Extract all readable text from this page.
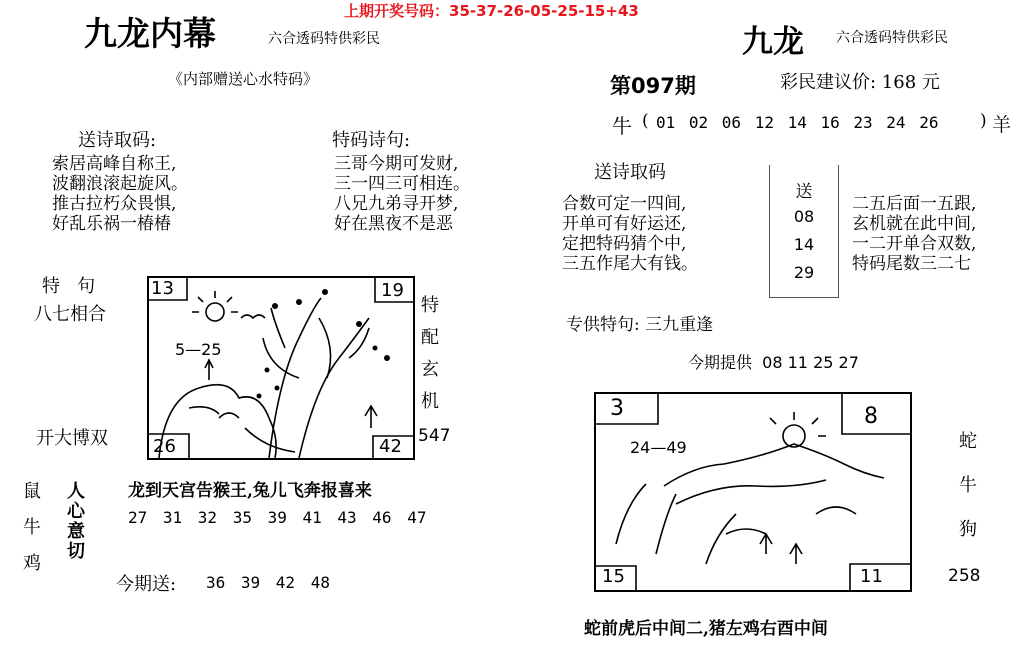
上期开奖号码：35-37-26-05-25-15+43
九龙内幕	六合透码特供彩民
《内部赠送心水特码》
送诗取码:
索居高峰自称王,
波翻浪滚起旋风。
推古拉朽众畏惧,
好乱乐祸一椿椿
特码诗句:
三哥今期可发财,
三一四三可相连。
八兄九弟寻开梦,
好在黑夜不是恶
特   句
八七相合
开大博双
13	19
26	42
5—25
特
配
玄
机
547
龙到天宫告猴王,兔儿飞奔报喜来
鼠
牛
鸡
人
心
意
切
27 31 32 35 39 41 43 46 47
今期送: 36 39 42 48
九龙 六合透码特供彩民
第097期	彩民建议价: 168 元
牛 ( 01 02 06 12 14 16 23 24 26 ) 羊
送诗取码
合数可定一四间,
开单可有好运还,
定把特码猜个中,
三五作尾大有钱。
送
08
14
29
二五后面一五跟,
玄机就在此中间,
一二开单合双数,
特码尾数三二七
专供特句: 三九重逢
今期提供  08 11 25 27
3	8
15	11
24—49	蛇
牛
狗
258
蛇前虎后中间二,猪左鸡右酉中间
